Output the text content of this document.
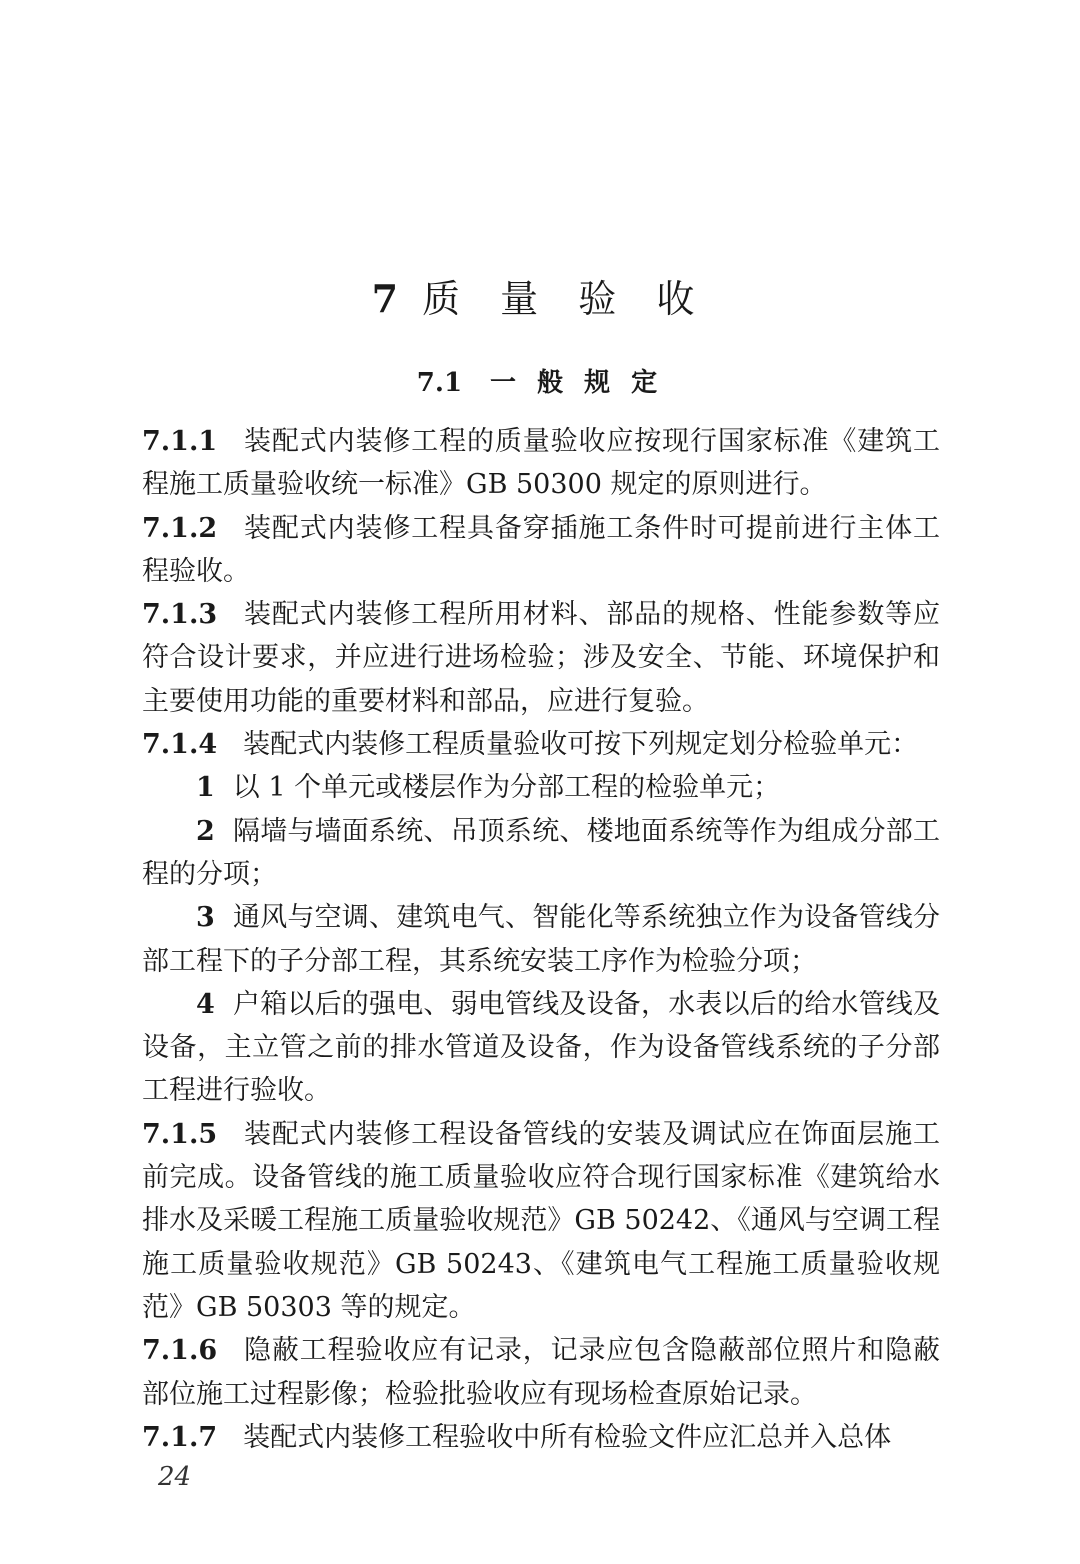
7 质 量 验 收
7.1 一 般 规 定

7.1.1 装配式内装修工程的质量验收应按现行国家标准《建筑工程施工质量验收统一标准》GB 50300 规定的原则进行。

7.1.2 装配式内装修工程具备穿插施工条件时可提前进行主体工程验收。

7.1.3 装配式内装修工程所用材料、部品的规格、性能参数等应符合设计要求，并应进行进场检验；涉及安全、节能、环境保护和主要使用功能的重要材料和部品，应进行复验。

7.1.4 装配式内装修工程质量验收可按下列规定划分检验单元：

1 以 1 个单元或楼层作为分部工程的检验单元；

2 隔墙与墙面系统、吊顶系统、楼地面系统等作为组成分部工程的分项；

3 通风与空调、建筑电气、智能化等系统独立作为设备管线分部工程下的子分部工程，其系统安装工序作为检验分项；

4 户箱以后的强电、弱电管线及设备，水表以后的给水管线及设备，主立管之前的排水管道及设备，作为设备管线系统的子分部工程进行验收。

7.1.5 装配式内装修工程设备管线的安装及调试应在饰面层施工前完成。设备管线的施工质量验收应符合现行国家标准《建筑给水排水及采暖工程施工质量验收规范》GB 50242、《通风与空调工程施工质量验收规范》GB 50243、《建筑电气工程施工质量验收规范》GB 50303 等的规定。

7.1.6 隐蔽工程验收应有记录，记录应包含隐蔽部位照片和隐蔽部位施工过程影像；检验批验收应有现场检查原始记录。

7.1.7 装配式内装修工程验收中所有检验文件应汇总并入总体

24
